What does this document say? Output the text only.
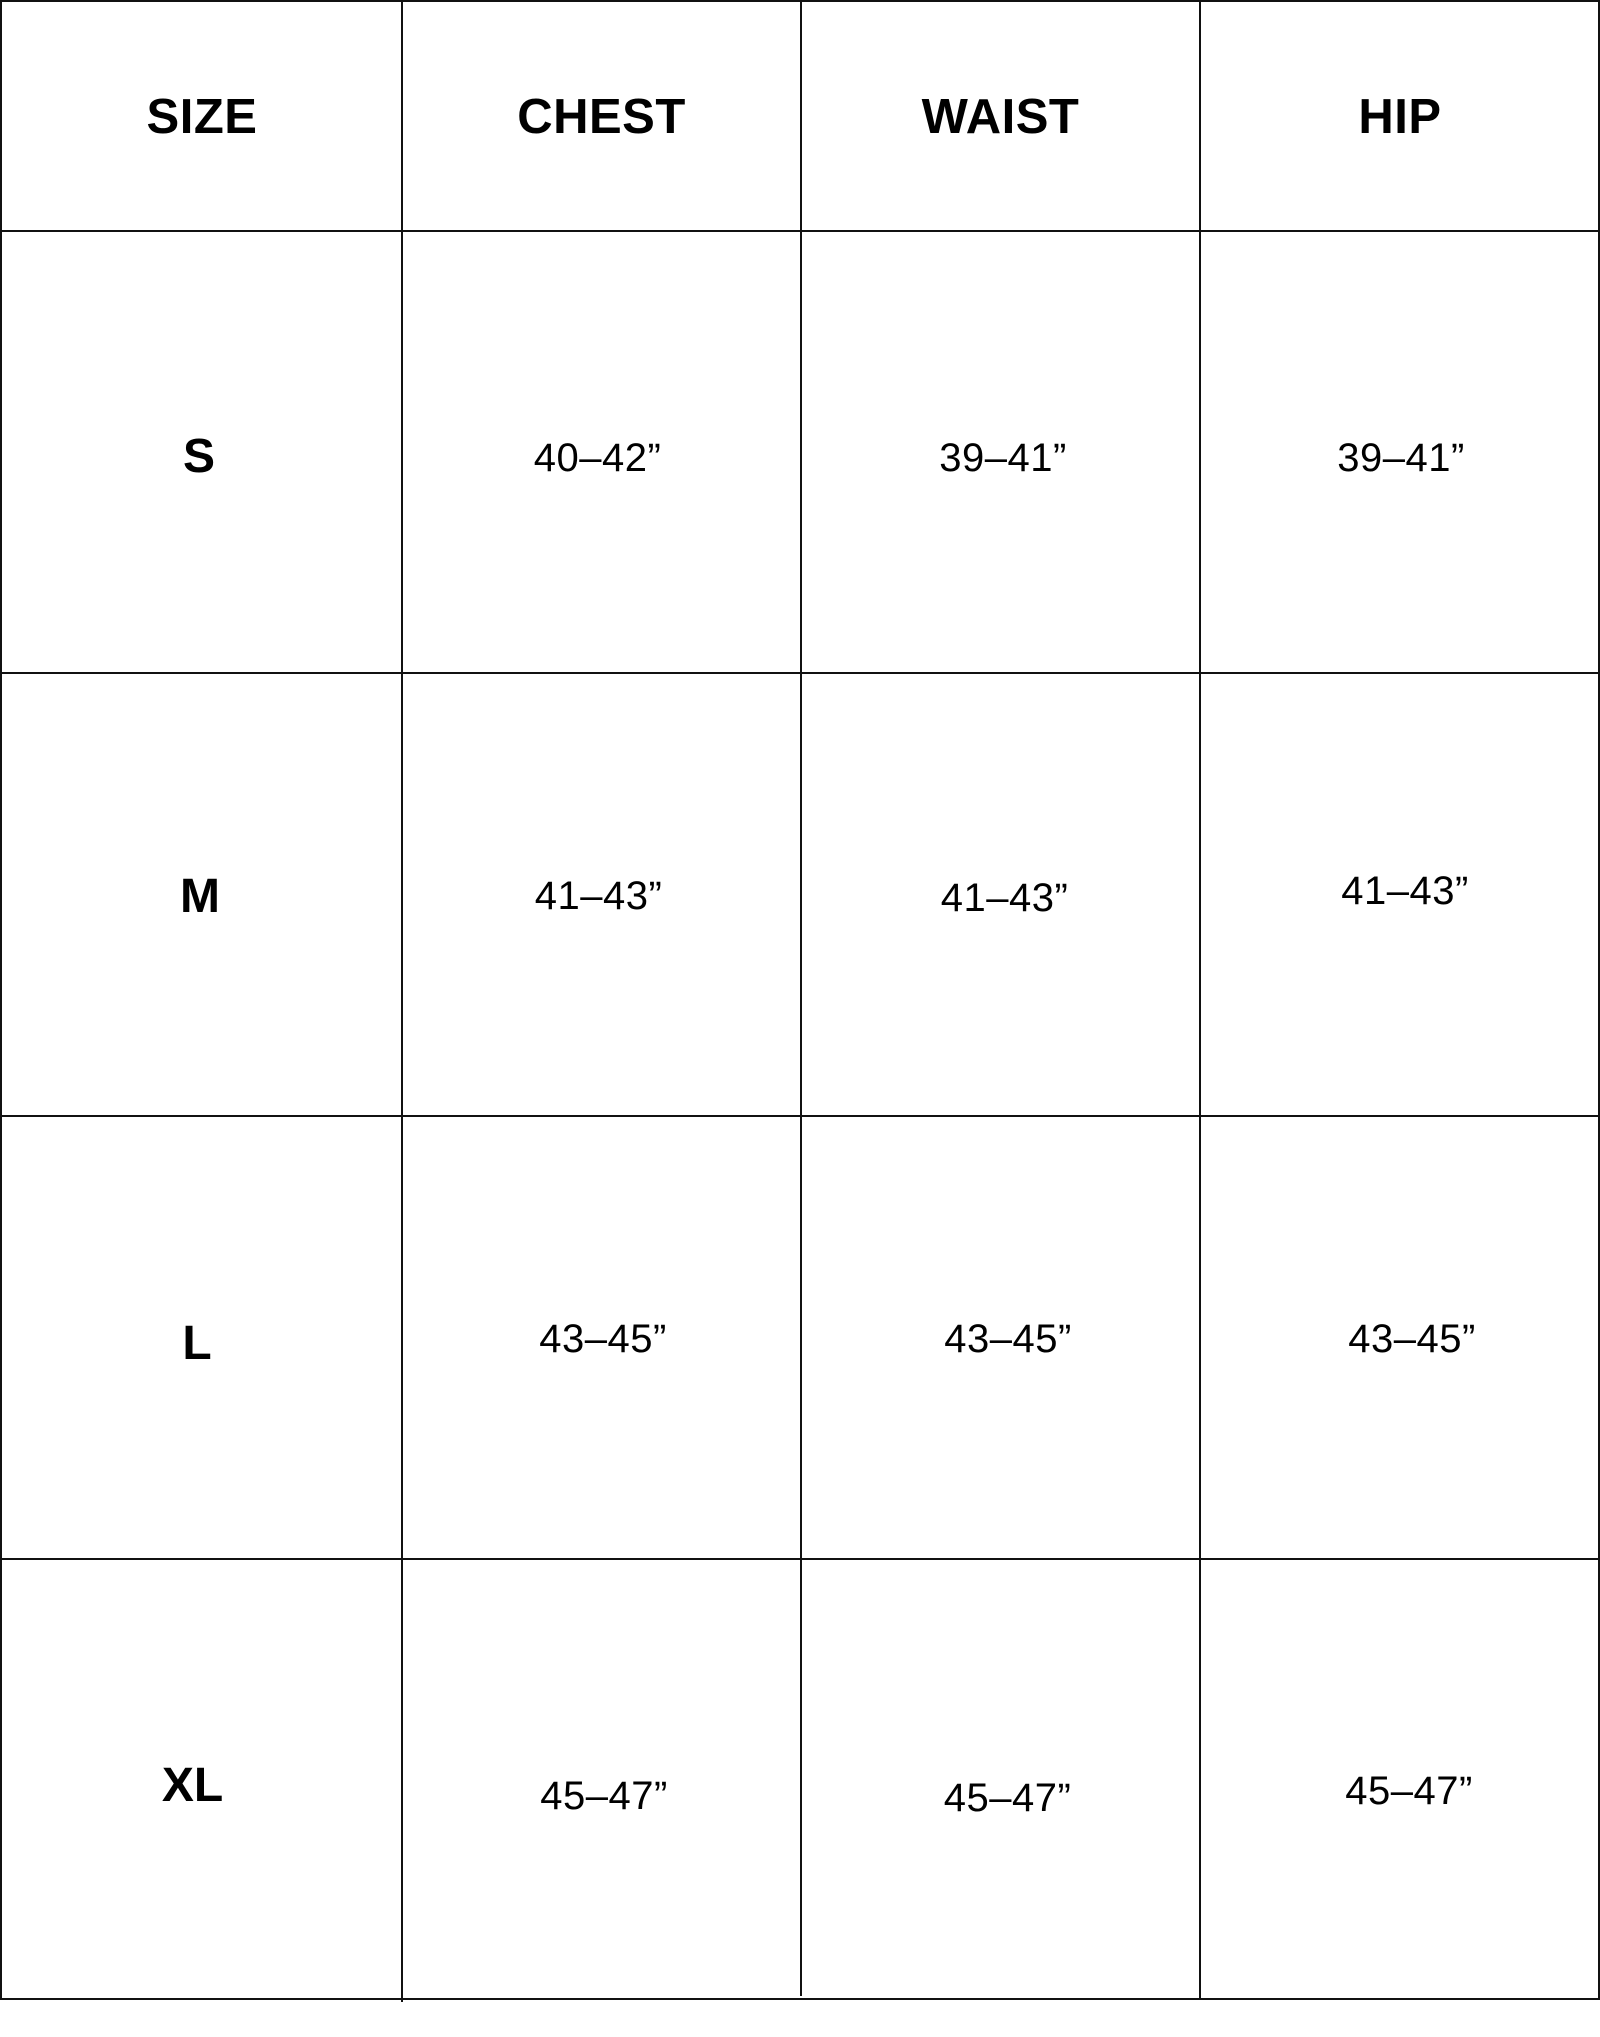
SIZE	CHEST	WAIST	HIP
S	40–42”	39–41”	39–41”
M	41–43”	41–43”	41–43”
L	43–45”	43–45”	43–45”
XL	45–47”	45–47”	45–47”
